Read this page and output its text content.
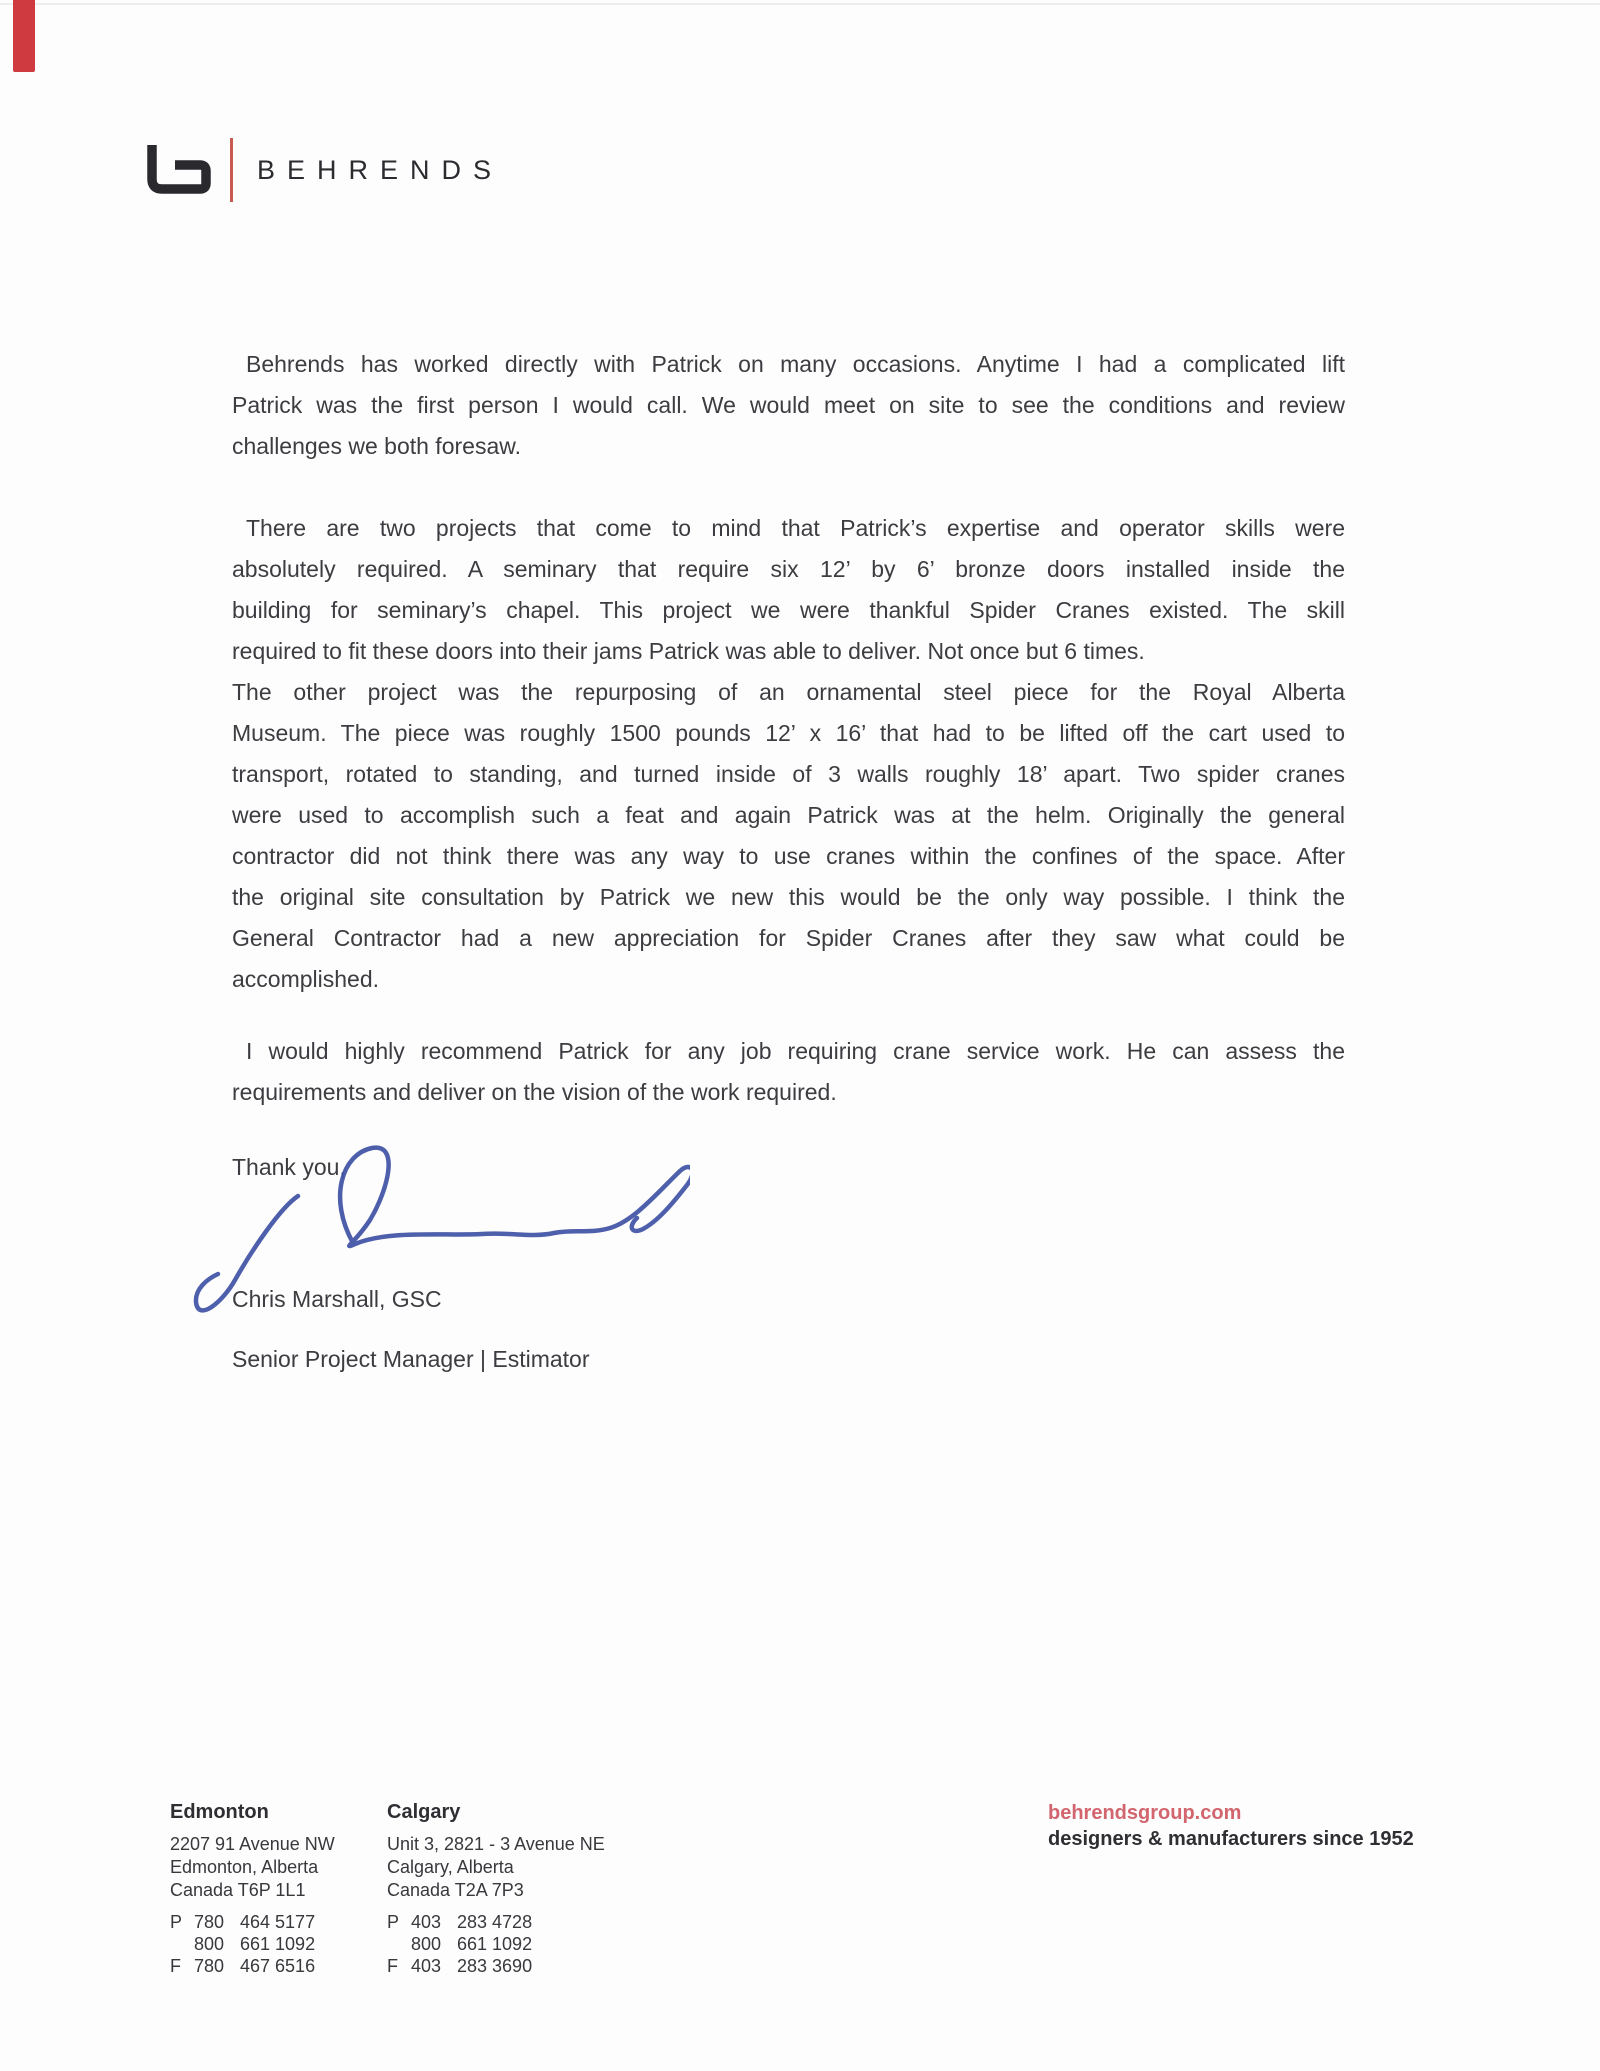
BEHRENDS
Behrends has worked directly with Patrick on many occasions. Anytime I had a complicated lift
Patrick was the first person I would call. We would meet on site to see the conditions and review
challenges we both foresaw.
There are two projects that come to mind that Patrick’s expertise and operator skills were
absolutely required. A seminary that require six 12’ by 6’ bronze doors installed inside the
building for seminary’s chapel. This project we were thankful Spider Cranes existed. The skill
required to fit these doors into their jams Patrick was able to deliver. Not once but 6 times.
The other project was the repurposing of an ornamental steel piece for the Royal Alberta
Museum. The piece was roughly 1500 pounds 12’ x 16’ that had to be lifted off the cart used to
transport, rotated to standing, and turned inside of 3 walls roughly 18’ apart. Two spider cranes
were used to accomplish such a feat and again Patrick was at the helm. Originally the general
contractor did not think there was any way to use cranes within the confines of the space. After
the original site consultation by Patrick we new this would be the only way possible. I think the
General Contractor had a new appreciation for Spider Cranes after they saw what could be
accomplished.
I would highly recommend Patrick for any job requiring crane service work. He can assess the
requirements and deliver on the vision of the work required.
Thank you,
Chris Marshall, GSC
Senior Project Manager | Estimator
Edmonton
2207 91 Avenue NW
Edmonton, Alberta
Canada T6P 1L1
P 780 464 5177
800 661 1092
F 780 467 6516
Calgary
Unit 3, 2821 - 3 Avenue NE
Calgary, Alberta
Canada T2A 7P3
P 403 283 4728
800 661 1092
F 403 283 3690
behrendsgroup.com
designers & manufacturers since 1952
